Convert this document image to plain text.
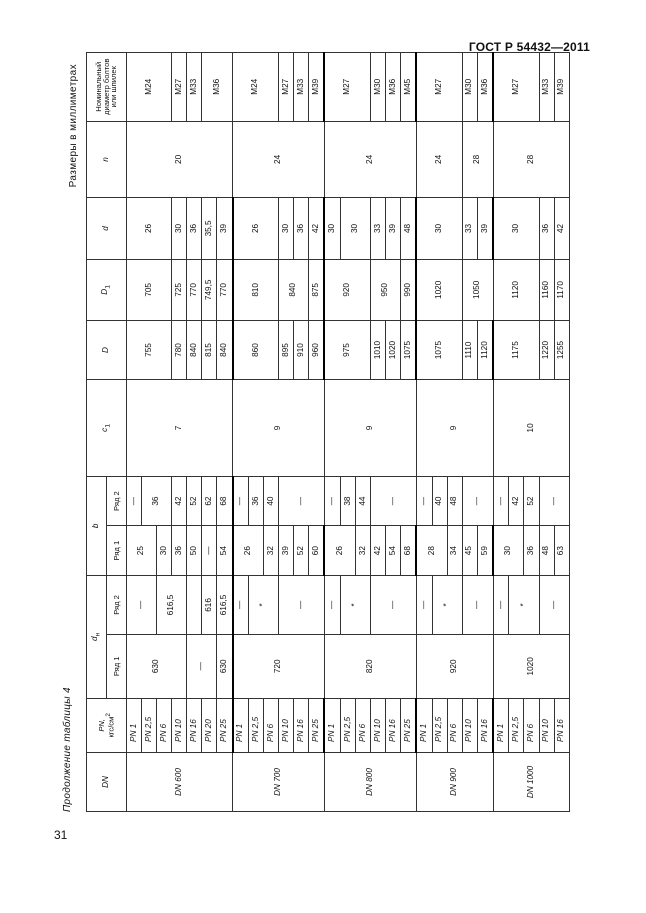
ГОСТ Р 54432—2011
31
Продолжение таблицы 4
Размеры в миллиметрах
DN	PN,
кгс/$см^2$	$d_н$		b		$c_1$	D	$D_1$	d	n	Номинальный диаметр болтов или шпилек
		Ряд 1	Ряд 2	Ряд 1	Ряд 2						
DN 600	PN 1	630	—	25	—	7	755	705	26	20	М24
	PN 2,5				36						
	PN 6		616,5	30							
	PN 10			36	42		780	725	30		М27
	PN 16	—		50	52		840	770	36		М33
	PN 20		616	—	62		815	749,5	35,5		М36
	PN 25	630	616,5	54	68		840	770	39		
DN 700	PN 1	720	—	26	—	9	860	810	26	24	М24
	PN 2,5		*		36						
	PN 6			32	40						
	PN 10		—	39	—		895	840	30		М27
	PN 16			52			910		36		М33
	PN 25			60			960	875	42		М39
DN 800	PN 1	820	—	26	—	9	975	920	30	24	М27
	PN 2,5		*		38				30		
	PN 6			32	44						
	PN 10		—	42	—		1010	950	33		М30
	PN 16			54			1020		39		М36
	PN 25			68			1075	990	48		М45
DN 900	PN 1	920	—	28	—	9	1075	1020	30	24	М27
	PN 2,5		*		40						
	PN 6			34	48						
	PN 10		—	45	—		1110	1050	33	28	М30
	PN 16			59			1120		39		М36
DN 1000	PN 1	1020	—	30	—	10	1175	1120	30	28	М27
	PN 2,5		*		42						
	PN 6			36	52						
	PN 10		—	48	—		1220	1160	36		М33
	PN 16			63			1255	1170	42		М39
